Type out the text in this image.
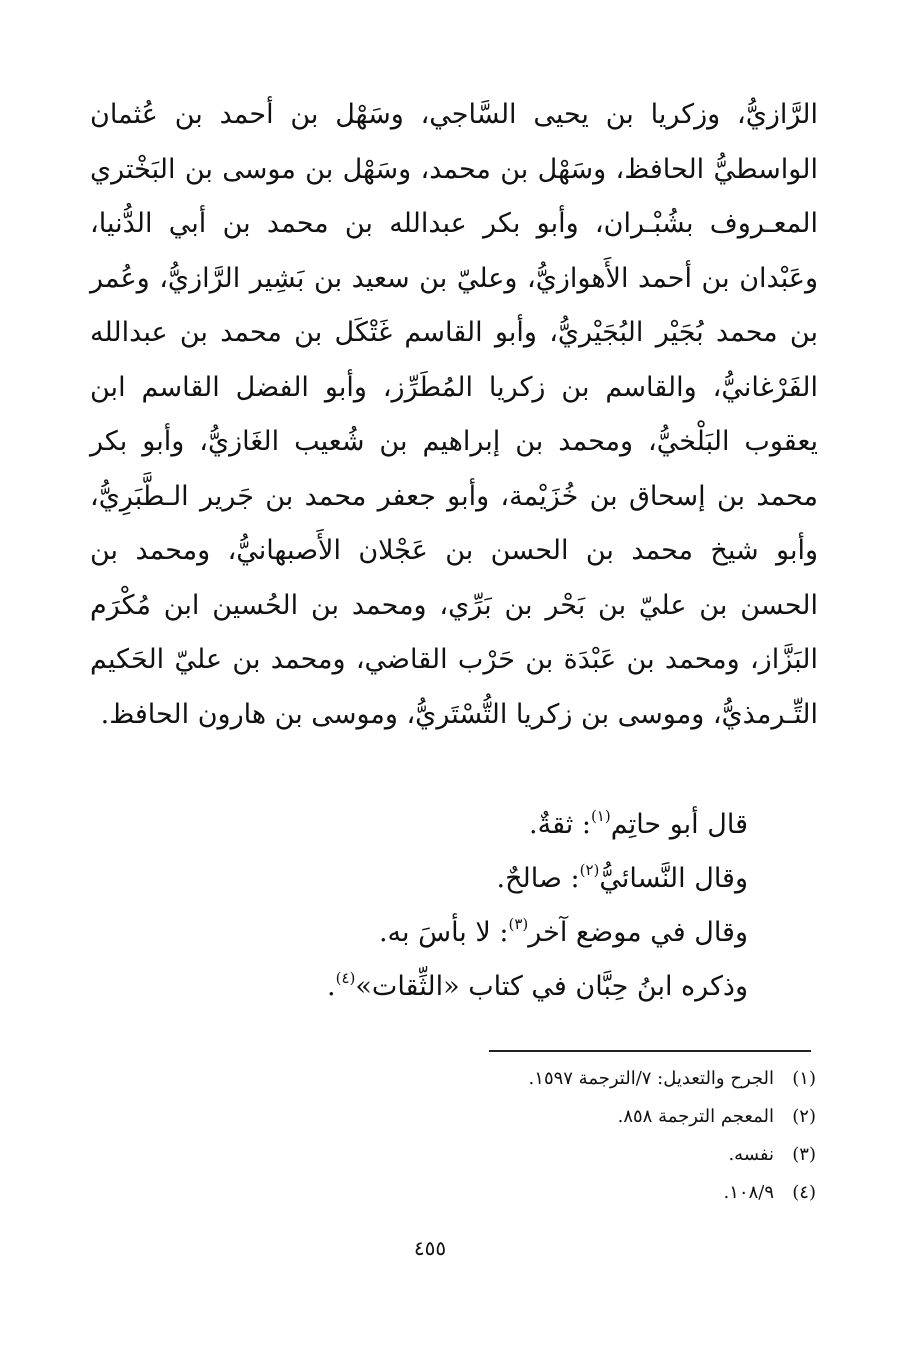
الرَّازيُّ، وزكريا بن يحيى السَّاجي، وسَهْل بن أحمد بن عُثمان الواسطيُّ الحافظ، وسَهْل بن محمد، وسَهْل بن موسى بن البَخْتري المعـروف بشُبْـران، وأبو بكر عبدالله بن محمد بن أبي الدُّنيا، وعَبْدان بن أحمد الأَهوازيُّ، وعليّ بن سعيد بن بَشِير الرَّازيُّ، وعُمر بن محمد بُجَيْر البُجَيْريُّ، وأبو القاسم غَتْكَل بن محمد بن عبدالله الفَرْغانيُّ، والقاسم بن زكريا المُطَرِّز، وأبو الفضل القاسم ابن يعقوب البَلْخيُّ، ومحمد بن إبراهيم بن شُعيب الغَازيُّ، وأبو بكر محمد بن إسحاق بن خُزَيْمة، وأبو جعفر محمد بن جَرير الـطَّبَرِيُّ، وأبو شيخ محمد بن الحسن بن عَجْلان الأَصبهانيُّ، ومحمد بن الحسن بن عليّ بن بَحْر بن بَرِّي، ومحمد بن الحُسين ابن مُكْرَم البَزَّاز، ومحمد بن عَبْدَة بن حَرْب القاضي، ومحمد بن عليّ الحَكيم التِّـرمذيُّ، وموسى بن زكريا التُّسْتَريُّ، وموسى بن هارون الحافظ.

قال أبو حاتِم$^{(١)}$: ثقةٌ.
وقال النَّسائيُّ$^{(٢)}$: صالحٌ.
وقال في موضع آخر$^{(٣)}$: لا بأسَ به.
وذكره ابنُ حِبَّان في كتاب «الثِّقات»$^{(٤)}$.
(١)
الجرح والتعديل: ٧/الترجمة ١٥٩٧.
(٢)
المعجم الترجمة ٨٥٨.
(٣)
نفسه.
(٤)
١٠٨/٩.
٤٥٥
